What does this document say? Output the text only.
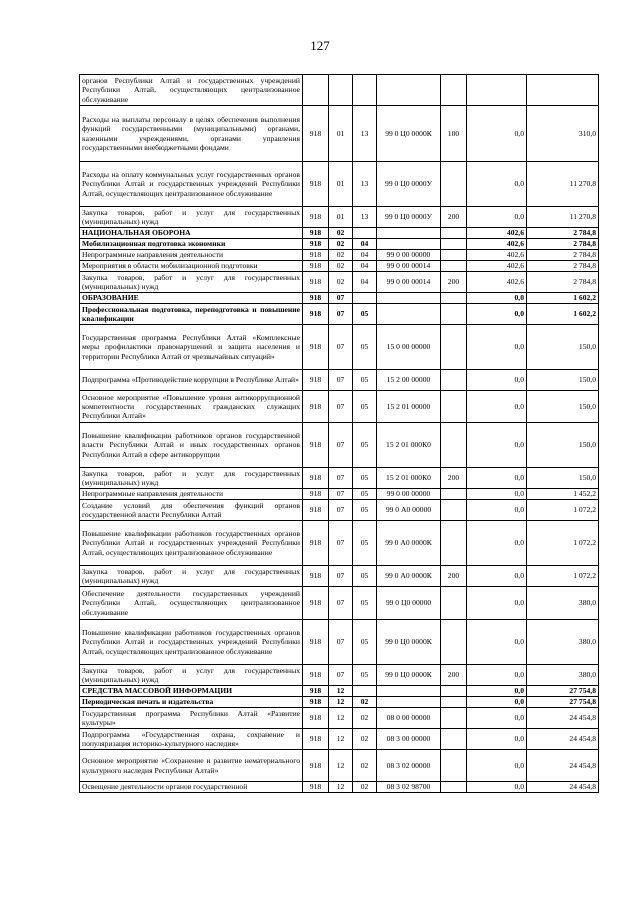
127
органов Республики Алтай и государственных учреждений Республики Алтай, осуществляющих централизованное обслуживание							
Расходы на выплаты персоналу в целях обеспечения выполнения функций государственными (муниципальными) органами, казенными учреждениями, органами управления государственными внебюджетными фондами	918	01	13	99 0 Ц0 0000К	100	0,0	310,0
Расходы на оплату коммунальных услуг государственных органов Республики Алтай и государственных учреждений Республики Алтай, осуществляющих централизованное обслуживание	918	01	13	99 0 Ц0 0000У		0,0	11 270,8
Закупка товаров, работ и услуг для государственных (муниципальных) нужд	918	01	13	99 0 Ц0 0000У	200	0,0	11 270,8
НАЦИОНАЛЬНАЯ ОБОРОНА	918	02				402,6	2 784,8
Мобилизационная подготовка экономики	918	02	04			402,6	2 784,8
Непрограммные направления деятельности	918	02	04	99 0 00 00000		402,6	2 784,8
Мероприятия в области мобилизационной подготовки	918	02	04	99 0 00 00014		402,6	2 784,8
Закупка товаров, работ и услуг для государственных (муниципальных) нужд	918	02	04	99 0 00 00014	200	402,6	2 784,8
ОБРАЗОВАНИЕ	918	07				0,0	1 602,2
Профессиональная подготовка, переподготовка и повышение квалификации	918	07	05			0,0	1 602,2
Государственная программа Республики Алтай «Комплексные меры профилактики правонарушений и защита населения и территории Республики Алтай от чрезвычайных ситуаций»	918	07	05	15 0 00 00000		0,0	150,0
Подпрограмма «Противодействие коррупции в Республике Алтай»	918	07	05	15 2 00 00000		0,0	150,0
Основное мероприятие «Повышение уровня антикоррупционной компетентности государственных гражданских служащих Республики Алтай»	918	07	05	15 2 01 00000		0,0	150,0
Повышение квалификации работников органов государственной власти Республики Алтай и иных государственных органов Республики Алтай в сфере антикоррупции	918	07	05	15 2 01 000К0		0,0	150,0
Закупка товаров, работ и услуг для государственных (муниципальных) нужд	918	07	05	15 2 01 000К0	200	0,0	150,0
Непрограммные направления деятельности	918	07	05	99 0 00 00000		0,0	1 452,2
Создание условий для обеспечения функций органов государственной власти Республики Алтай	918	07	05	99 0 А0 00000		0,0	1 072,2
Повышение квалификации работников государственных органов Республики Алтай и государственных учреждений Республики Алтай, осуществляющих централизованное обслуживание	918	07	05	99 0 А0 0000К		0,0	1 072,2
Закупка товаров, работ и услуг для государственных (муниципальных) нужд	918	07	05	99 0 А0 0000К	200	0,0	1 072,2
Обеспечение деятельности государственных учреждений Республики Алтай, осуществляющих централизованное обслуживание	918	07	05	99 0 Ц0 00000		0,0	380,0
Повышение квалификации работников государственных органов Республики Алтай и государственных учреждений Республики Алтай, осуществляющих централизованное обслуживание	918	07	05	99 0 Ц0 0000К		0,0	380,0
Закупка товаров, работ и услуг для государственных (муниципальных) нужд	918	07	05	99 0 Ц0 0000К	200	0,0	380,0
СРЕДСТВА МАССОВОЙ ИНФОРМАЦИИ	918	12				0,0	27 754,8
Периодическая печать и издательства	918	12	02			0,0	27 754,8
Государственная программа Республики Алтай «Развитие культуры»	918	12	02	08 0 00 00000		0,0	24 454,8
Подпрограмма «Государственная охрана, сохранение и популяризация историко-культурного наследия»	918	12	02	08 3 00 00000		0,0	24 454,8
Основное мероприятие «Сохранение и развитие нематериального культурного наследия Республики Алтай»	918	12	02	08 3 02 00000		0,0	24 454,8
Освещение деятельности органов государственной	918	12	02	08 3 02 98700		0,0	24 454,8
